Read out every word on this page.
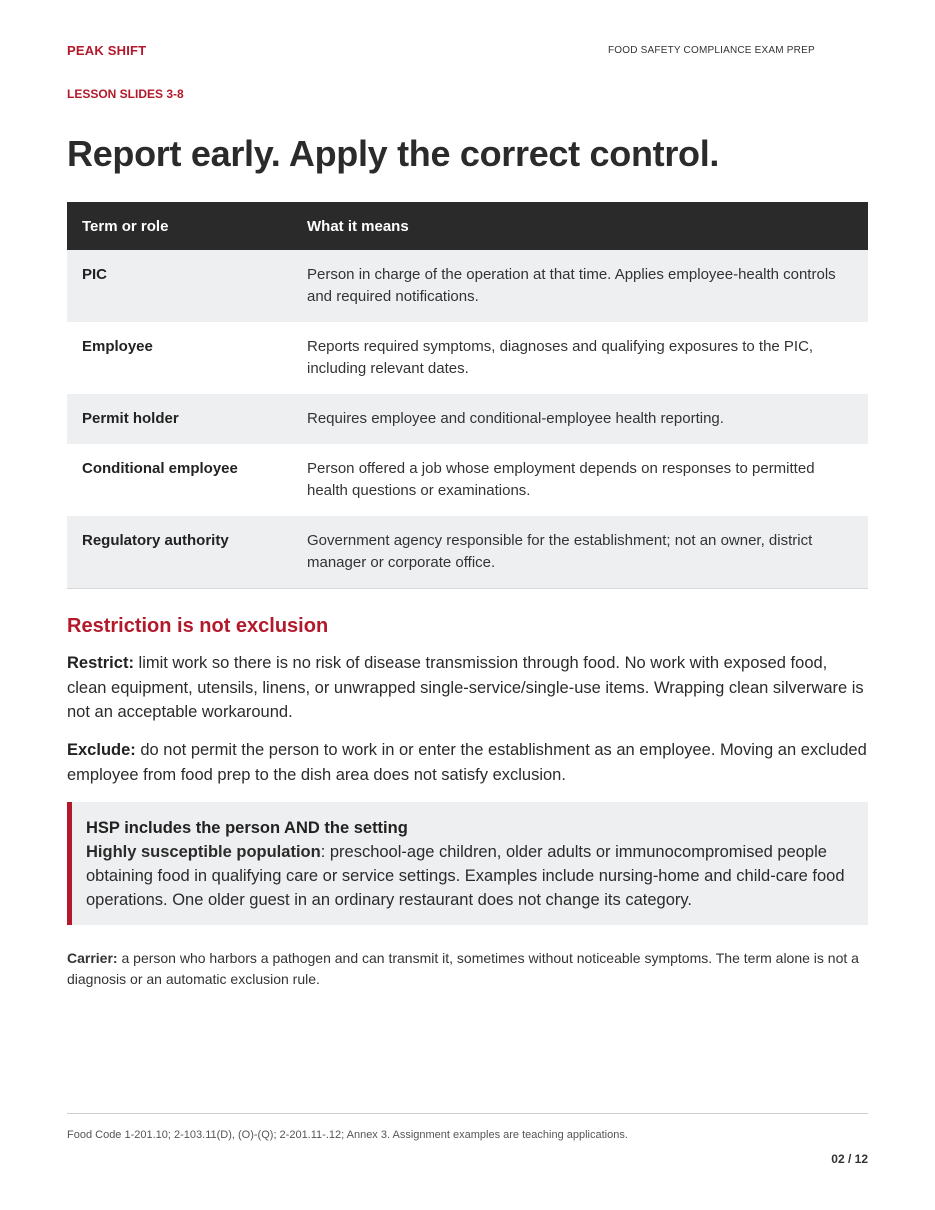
PEAK SHIFT	FOOD SAFETY COMPLIANCE EXAM PREP
LESSON SLIDES 3-8
Report early. Apply the correct control.
Term or role	What it means
PIC	Person in charge of the operation at that time. Applies employee-health controls and required notifications.
Employee	Reports required symptoms, diagnoses and qualifying exposures to the PIC, including relevant dates.
Permit holder	Requires employee and conditional-employee health reporting.
Conditional employee	Person offered a job whose employment depends on responses to permitted health questions or examinations.
Regulatory authority	Government agency responsible for the establishment; not an owner, district manager or corporate office.
Restriction is not exclusion

Restrict: limit work so there is no risk of disease transmission through food. No work with exposed food, clean equipment, utensils, linens, or unwrapped single-service/single-use items. Wrapping clean silverware is not an acceptable workaround.

Exclude: do not permit the person to work in or enter the establishment as an employee. Moving an excluded employee from food prep to the dish area does not satisfy exclusion.

HSP includes the person AND the setting

Highly susceptible population: preschool-age children, older adults or immunocompromised people obtaining food in qualifying care or service settings. Examples include nursing-home and child-care food operations. One older guest in an ordinary restaurant does not change its category.

Carrier: a person who harbors a pathogen and can transmit it, sometimes without noticeable symptoms. The term alone is not a diagnosis or an automatic exclusion rule.

Food Code 1-201.10; 2-103.11(D), (O)-(Q); 2-201.11-.12; Annex 3. Assignment examples are teaching applications.
02 / 12
